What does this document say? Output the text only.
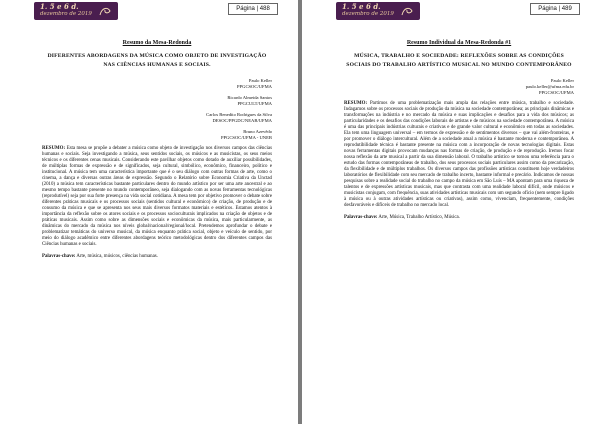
1. 5 e 6 d.
dezembro de 2019
Página | 488
Resumo da Mesa-Redonda
DIFERENTES ABORDAGENS DA MÚSICA COMO OBJETO DE INVESTIGAÇÃO NAS CIÊNCIAS HUMANAS E SOCIAIS.
Paulo Keller
PPGCSOC/UFMA
Ricardo Almeida Santos
PPGCULT/UFMA
Carlos Benedito Rodrigues da Silva
DESOC/PPGDC/NEAB/UFMA
Bruno Azevêdo
PPGCSOC/UFMA - UNEB

RESUMO: Esta mesa se propõe a debater a música como objeto de investigação nos diversos campos das ciências humanas e sociais. Seja investigando a música, seus sentidos sociais, os músicos e as musicistas, os seus meios técnicos e os diferentes cenas musicais. Considerando este pavilhar objetos como dotado de auxiliar possibilidades, de múltiplas formas de expressão e de significados, seja cultural, simbólico, econômico, financeiro, político e institucional. A música tem uma característica importante que é o seu diálogo com outras formas de arte, como o cinema, a dança e diversas outras áreas de expressão. Segundo o Relatório sobre Economia Criativa da Unctad (2010) a música tem características bastante particulares dentro do mundo artístico por ser uma arte ancestral e ao mesmo tempo bastante presente no mundo contemporâneo, seja dialogando com as novas ferramentas tecnológicas (reprodutível) seja por sua forte presença na vida social cotidiana. A mesa tem por objetivo promover o debate sobre diferentes práticas musicais e os processos sociais (sentidos cultural e econômico) de criação, de produção e de consumo da música e que se apresenta nos seus mais diversos formatos materiais e estéticos. Estamos atentos à importância da reflexão sobre os atores sociais e os processos socioculturais implicados na criação de objetos e de práticas musicais. Assim como sobre as dimensões sociais e econômicas da música, mais particularmente, as dinâmicas do mercado da música nos níveis global/nacional/regional/local. Pretendemos aprofundar o debate e problematizar temáticas do universo musical, da música enquanto prática social, objeto e veículo de sentido, por meio do diálogo acadêmico entre diferentes abordagens teórico metodológicas dentro dos diferentes campos das Ciências humanas e sociais.

Palavras-chave: Arte, música, músicos, ciências humanas.

1. 5 e 6 d.
dezembro de 2019
Página | 489
Resumo Individual da Mesa-Redonda #1
MÚSICA, TRABALHO E SOCIEDADE: REFLEXÕES SOBRE AS CONDIÇÕES SOCIAIS DO TRABALHO ARTÍSTICO MUSICAL NO MUNDO CONTEMPORÂNEO
Paulo Keller
paulo.keller@ufma.edu.br
PPGCSOC/UFMA

RESUMO: Partimos de uma problematização mais ampla das relações entre música, trabalho e sociedade. Indagamos sobre os processos sociais de produção da música na sociedade contemporânea; as principais dinâmicas e transformações na indústria e no mercado da música e suas implicações e desafios para a vida dos músicos; as particularidades e os desafios das condições laborais de artistas e de músicos na sociedade contemporânea. A música é uma das principais indústrias culturais e criativas e de grande valor cultural e econômico em todas as sociedades. Ela tem uma linguagem universal – em termos de expressão e de sentimentos diversos – que vai além-fronteiras, e por promover o diálogo intercultural. Além de a sociedade atual a música é bastante moderna e contemporânea. A reprodutibilidade técnica é bastante presente na música com a incorporação de novas tecnologias digitais. Estas novas ferramentas digitais provocam mudanças nas formas de criação, de produção e de reprodução. Iremos focar nossa reflexão da arte musical a partir da sua dimensão laboral. O trabalho artístico se tornou uma referência para o estudo das formas contemporâneas de trabalho, dos seus processos sociais particulares assim como da precarização, da flexibilidade e de múltiplos trabalhos. Os diversos campos das profissões artísticas constituem hoje verdadeiros laboratórios de flexibilidade com seu mercado de trabalho incerto, bastante informal e precário. Indicamos de nossas pesquisas sobre a realidade social do trabalho no campo da música em São Luís – MA apontam para uma riqueza de talentos e de expressões artísticas musicais, mas que contrasta com uma realidade laboral difícil, onde músicos e musicistas conjugam, com frequência, suas atividades artísticas musicais com um segundo ofício (nem sempre ligado à música ou à outras atividades artísticas ou criativas), assim como, vivenciam, frequentemente, condições desfavoráveis e difíceis de trabalho no mercado local.

Palavras-chave: Arte, Música, Trabalho Artístico, Música.
